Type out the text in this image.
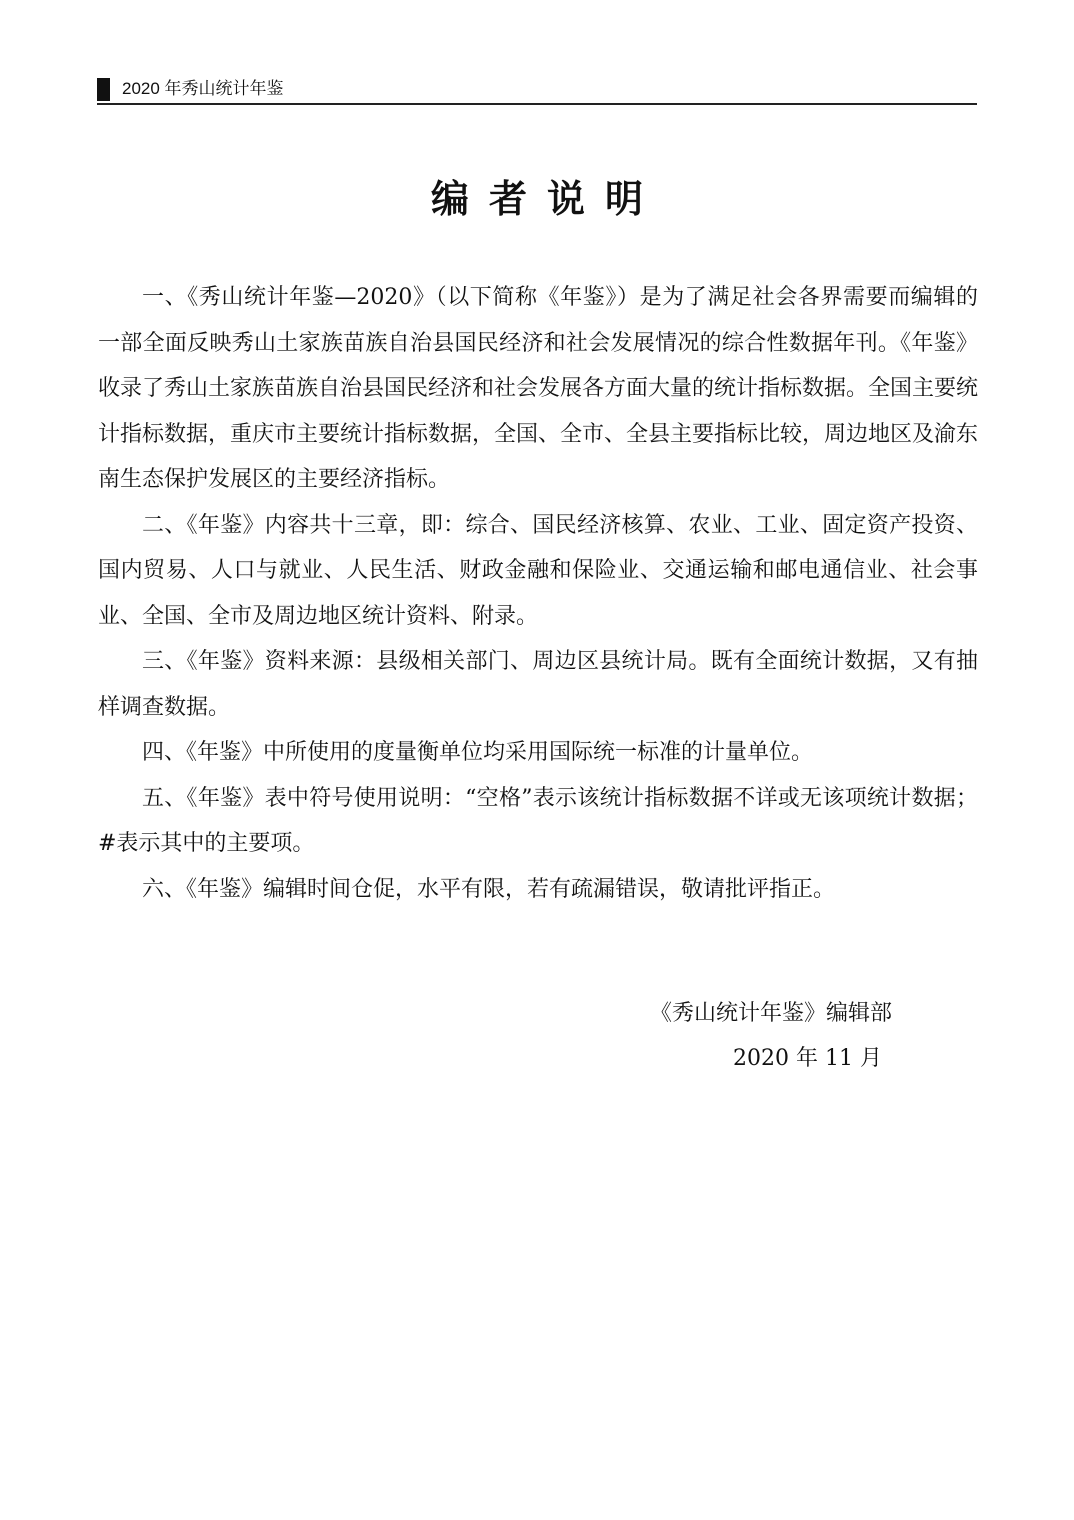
2020 年秀山统计年鉴
编者说明

一、《秀山统计年鉴—2020》（以下简称《年鉴》）是为了满足社会各界需要而编辑的一部全面反映秀山土家族苗族自治县国民经济和社会发展情况的综合性数据年刊。《年鉴》收录了秀山土家族苗族自治县国民经济和社会发展各方面大量的统计指标数据。全国主要统计指标数据，重庆市主要统计指标数据，全国、全市、全县主要指标比较，周边地区及渝东南生态保护发展区的主要经济指标。

二、《年鉴》内容共十三章，即：综合、国民经济核算、农业、工业、固定资产投资、国内贸易、人口与就业、人民生活、财政金融和保险业、交通运输和邮电通信业、社会事业、全国、全市及周边地区统计资料、附录。

三、《年鉴》资料来源：县级相关部门、周边区县统计局。既有全面统计数据，又有抽样调查数据。

四、《年鉴》中所使用的度量衡单位均采用国际统一标准的计量单位。

五、《年鉴》表中符号使用说明：“空格”表示该统计指标数据不详或无该项统计数据；#表示其中的主要项。

六、《年鉴》编辑时间仓促，水平有限，若有疏漏错误，敬请批评指正。

《秀山统计年鉴》编辑部
2020 年 11 月
